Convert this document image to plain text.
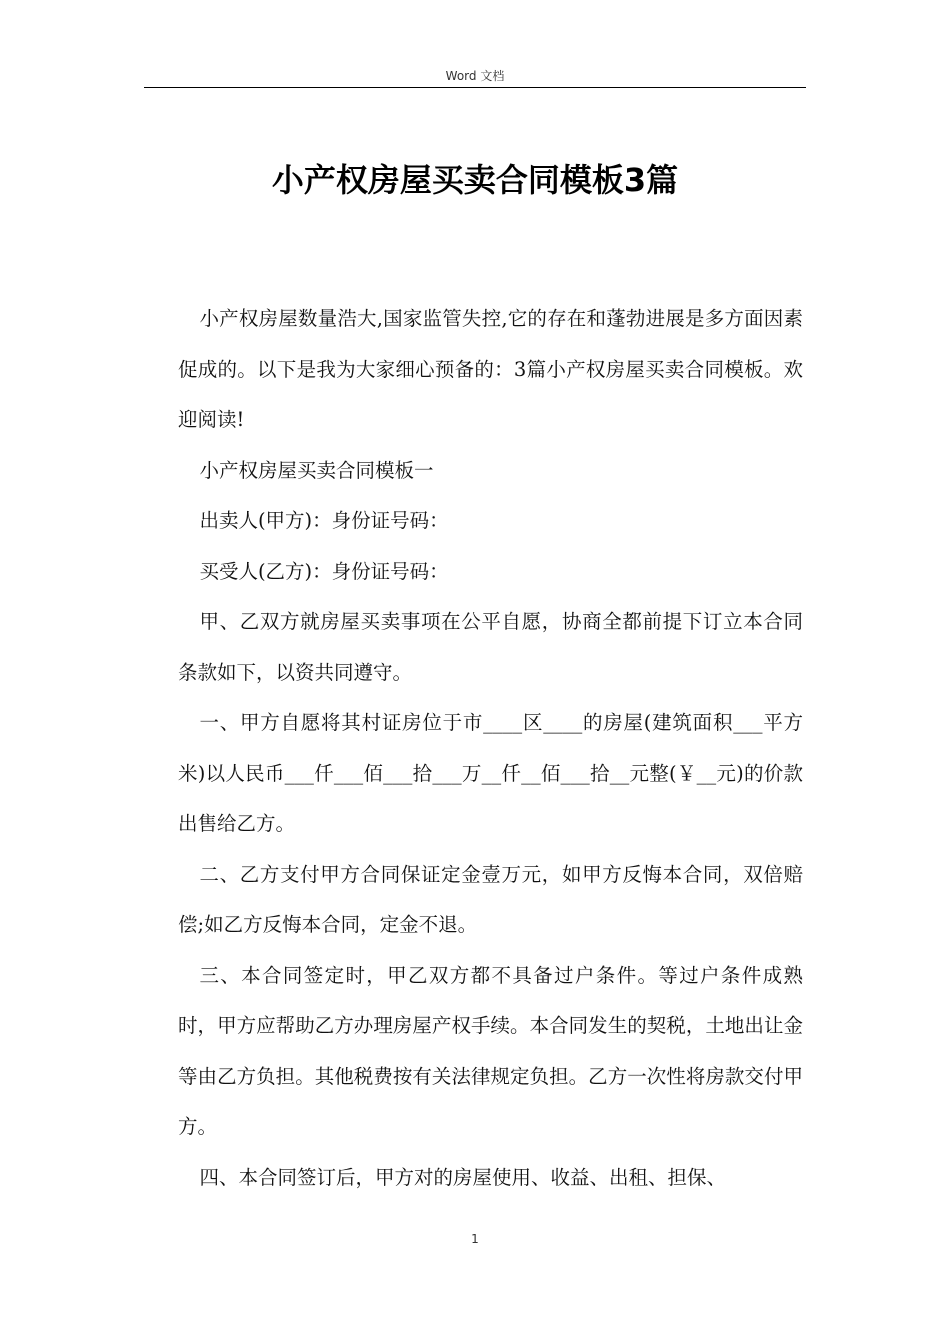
Word 文档
小产权房屋买卖合同模板3篇

小产权房屋数量浩大,国家监管失控,它的存在和蓬勃进展是多方面因素促成的。以下是我为大家细心预备的：3篇小产权房屋买卖合同模板。欢迎阅读!

小产权房屋买卖合同模板一

出卖人(甲方)：身份证号码：

买受人(乙方)：身份证号码：

甲、乙双方就房屋买卖事项在公平自愿，协商全都前提下订立本合同条款如下，以资共同遵守。

一、甲方自愿将其村证房位于市____区____的房屋(建筑面积___平方米)以人民币___仟___佰___拾___万__仟__佰___拾__元整(￥__元)的价款出售给乙方。

二、乙方支付甲方合同保证定金壹万元，如甲方反悔本合同，双倍赔偿;如乙方反悔本合同，定金不退。

三、本合同签定时，甲乙双方都不具备过户条件。等过户条件成熟时，甲方应帮助乙方办理房屋产权手续。本合同发生的契税，土地出让金等由乙方负担。其他税费按有关法律规定负担。乙方一次性将房款交付甲方。

四、本合同签订后，甲方对的房屋使用、收益、出租、担保、

1
